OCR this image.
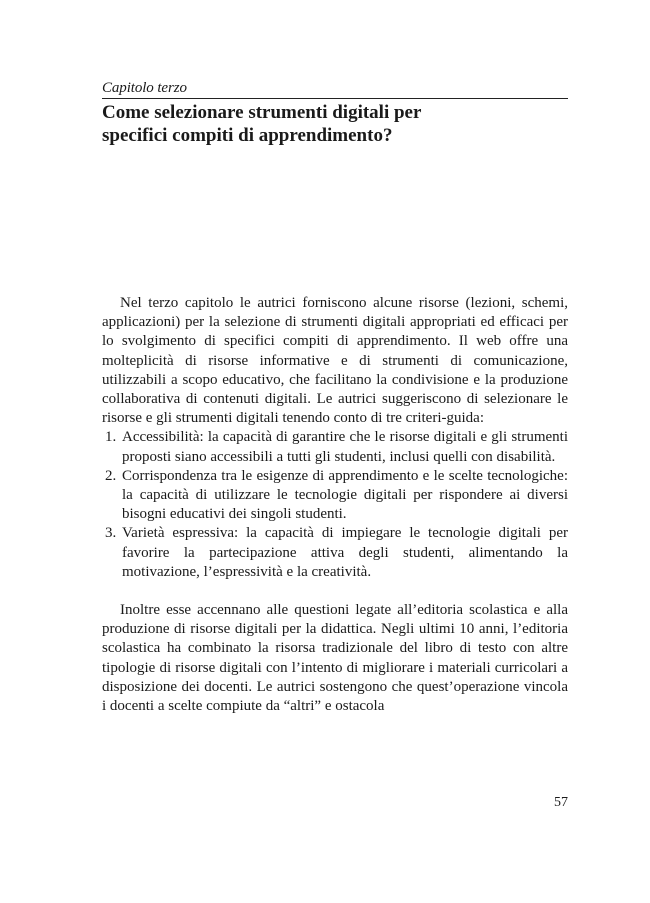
Capitolo terzo
Come selezionare strumenti digitali per
specifici compiti di apprendimento?

Nel terzo capitolo le autrici forniscono alcune risorse (lezioni, schemi, applicazioni) per la selezione di strumenti digitali appropriati ed efficaci per lo svolgimento di specifici compiti di apprendimento. Il web offre una molteplicità di risorse informative e di strumenti di comunicazione, utilizzabili a scopo educativo, che facilitano la condivisione e la produzione collaborativa di contenuti digitali. Le autrici suggeriscono di selezionare le risorse e gli strumenti digitali tenendo conto di tre criteri-guida:

1. Accessibilità: la capacità di garantire che le risorse digitali e gli strumenti proposti siano accessibili a tutti gli studenti, inclusi quelli con disabilità.
2. Corrispondenza tra le esigenze di apprendimento e le scelte tecnologiche: la capacità di utilizzare le tecnologie digitali per rispondere ai diversi bisogni educativi dei singoli studenti.
3. Varietà espressiva: la capacità di impiegare le tecnologie digitali per favorire la partecipazione attiva degli studenti, alimentando la motivazione, l’espressività e la creatività.

Inoltre esse accennano alle questioni legate all’editoria scolastica e alla produzione di risorse digitali per la didattica. Negli ultimi 10 anni, l’editoria scolastica ha combinato la risorsa tradizionale del libro di testo con altre tipologie di risorse digitali con l’intento di migliorare i materiali curricolari a disposizione dei docenti. Le autrici sostengono che quest’operazione vincola i docenti a scelte compiute da “altri” e ostacola

57
